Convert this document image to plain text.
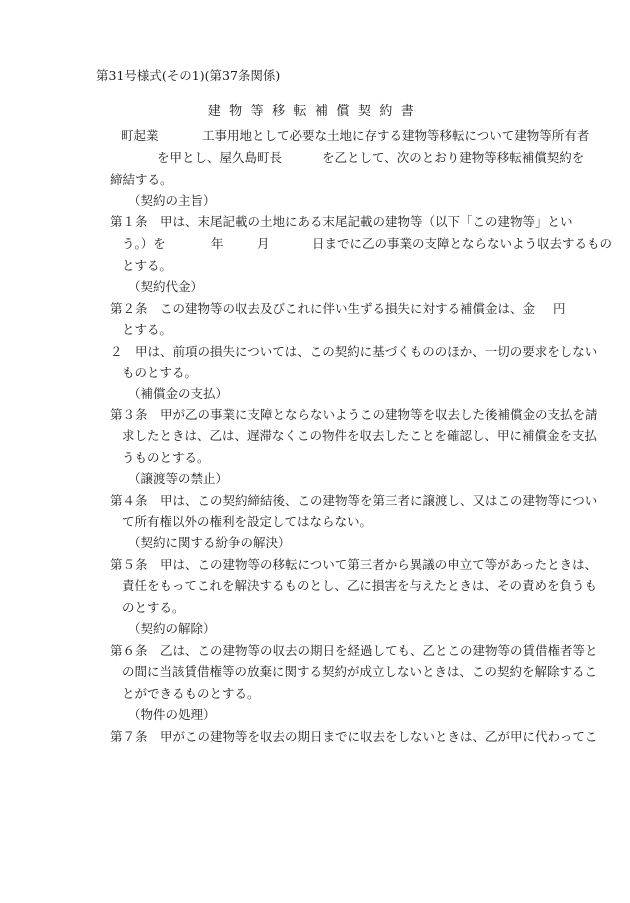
第31号様式(その1)(第37条関係)
建物等移転補償契約書
町起業	工事用地として必要な土地に存する建物等移転について建物等所有者
を甲とし、屋久島町長	を乙として、次のとおり建物等移転補償契約を
締結する。
（契約の主旨）
第１条　甲は、末尾記載の土地にある末尾記載の建物等（以下「この建物等」とい
う。）を	年	月	日までに乙の事業の支障とならないよう収去するもの
とする。
（契約代金）
第２条　この建物等の収去及びこれに伴い生ずる損失に対する補償金は、金 円
とする。
２　甲は、前項の損失については、この契約に基づくもののほか、一切の要求をしない
ものとする。
（補償金の支払）
第３条　甲が乙の事業に支障とならないようこの建物等を収去した後補償金の支払を請
求したときは、乙は、遅滞なくこの物件を収去したことを確認し、甲に補償金を支払
うものとする。
（譲渡等の禁止）
第４条　甲は、この契約締結後、この建物等を第三者に譲渡し、又はこの建物等につい
て所有権以外の権利を設定してはならない。
（契約に関する紛争の解決）
第５条　甲は、この建物等の移転について第三者から異議の申立て等があったときは、
責任をもってこれを解決するものとし、乙に損害を与えたときは、その責めを負うも
のとする。
（契約の解除）
第６条　乙は、この建物等の収去の期日を経過しても、乙とこの建物等の賃借権者等と
の間に当該賃借権等の放棄に関する契約が成立しないときは、この契約を解除するこ
とができるものとする。
（物件の処理）
第７条　甲がこの建物等を収去の期日までに収去をしないときは、乙が甲に代わってこ
